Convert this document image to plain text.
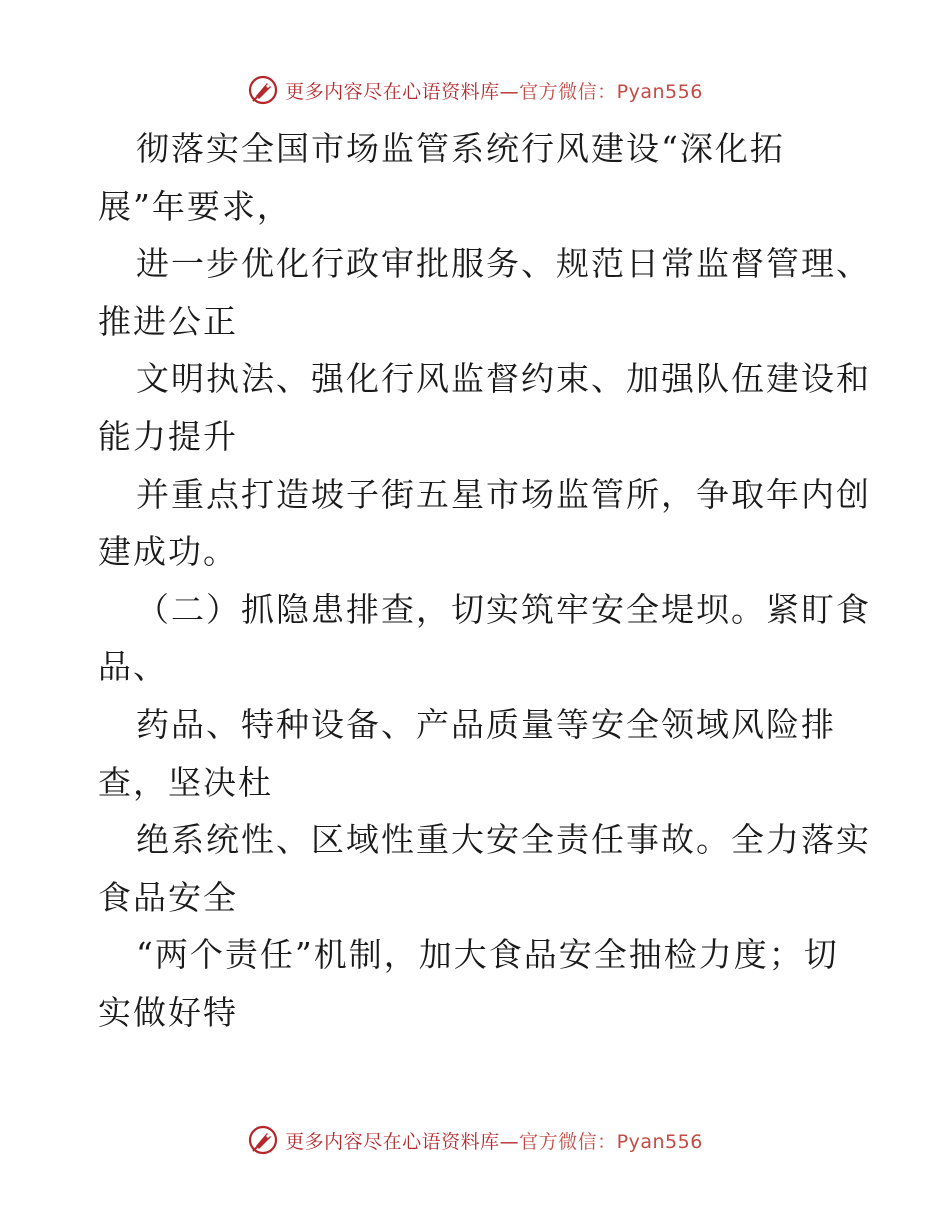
更多内容尽在心语资料库—官方微信：Pyan556
彻落实全国市场监管系统行风建设“深化拓
展”年要求，
进一步优化行政审批服务、规范日常监督管理、
推进公正
文明执法、强化行风监督约束、加强队伍建设和
能力提升
并重点打造坡子街五星市场监管所，争取年内创
建成功。
（二）抓隐患排查，切实筑牢安全堤坝。紧盯食
品、
药品、特种设备、产品质量等安全领域风险排
查，坚决杜
绝系统性、区域性重大安全责任事故。全力落实
食品安全
“两个责任”机制，加大食品安全抽检力度；切
实做好特
更多内容尽在心语资料库—官方微信：Pyan556
